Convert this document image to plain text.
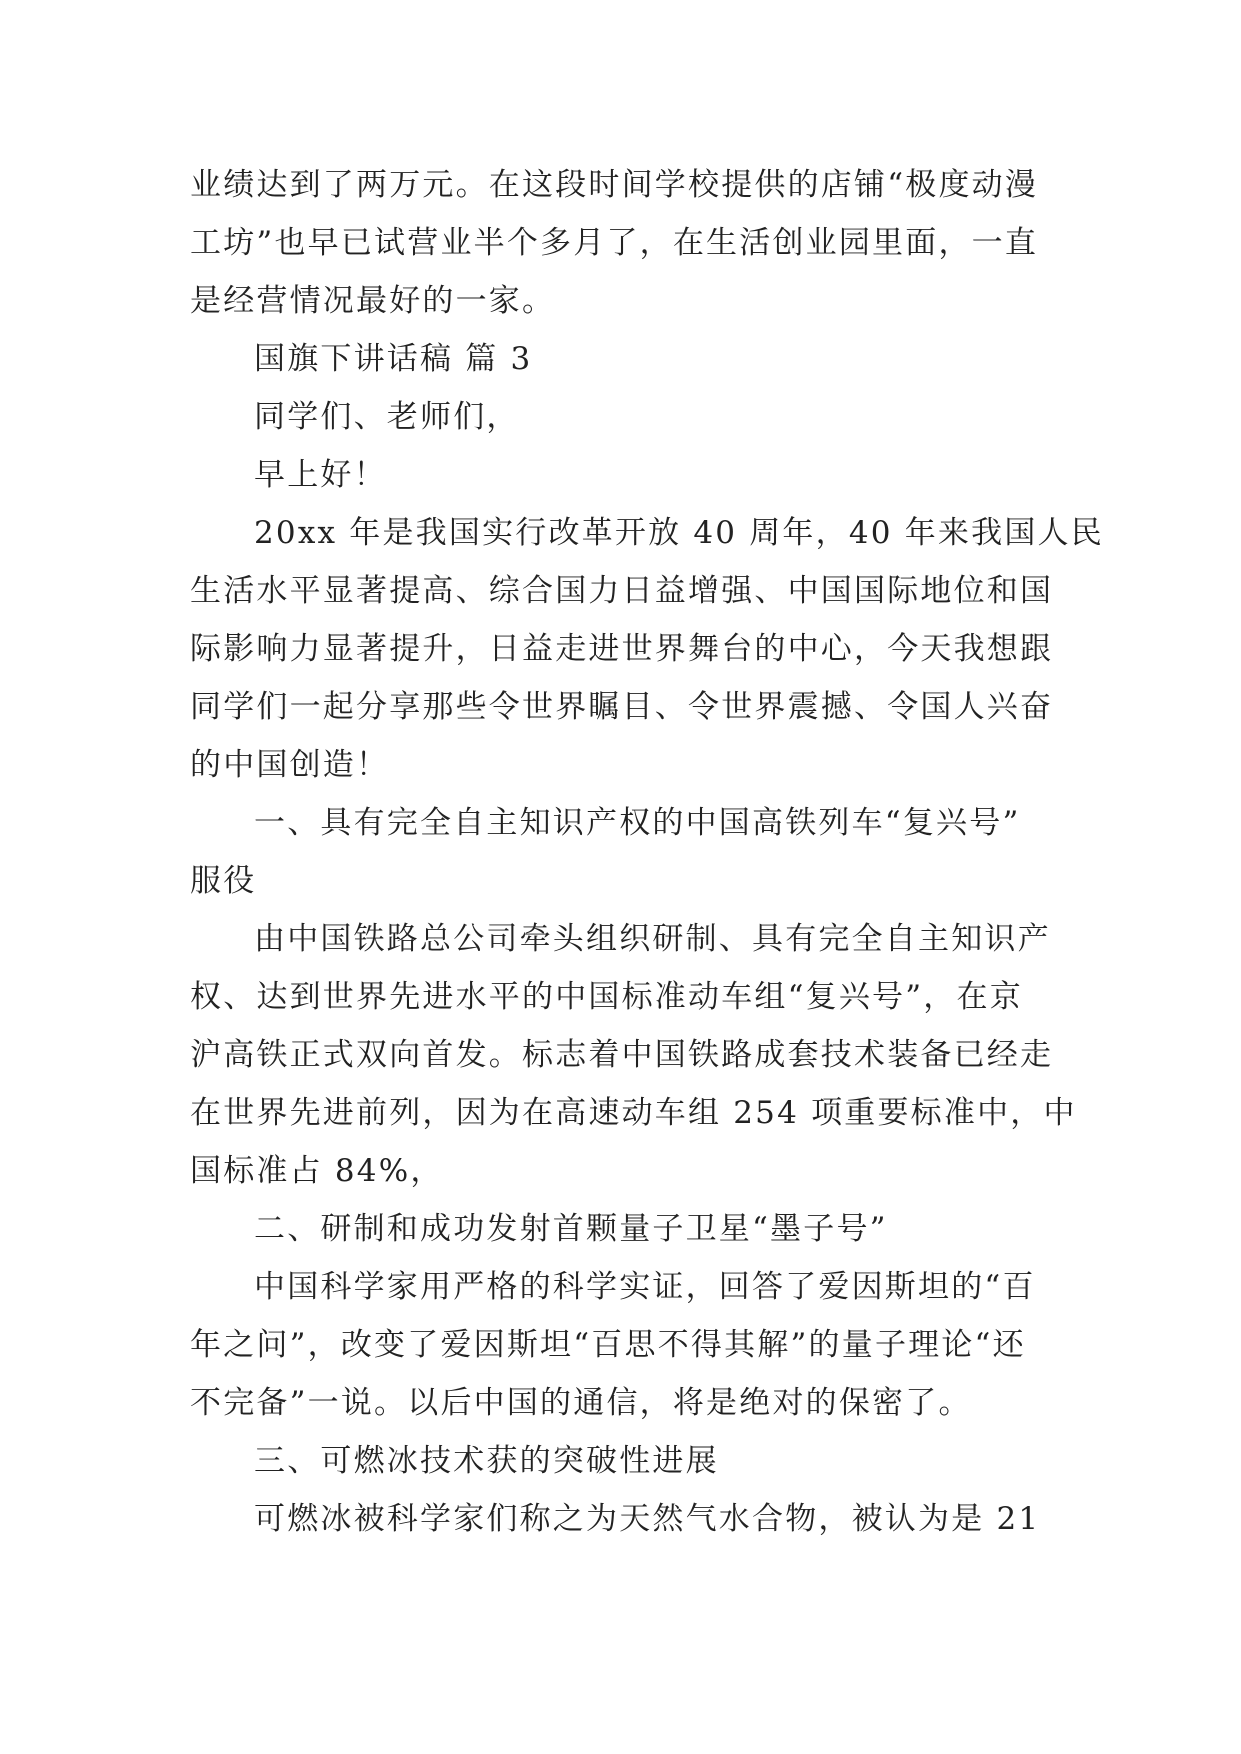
业绩达到了两万元。在这段时间学校提供的店铺“极度动漫
工坊”也早已试营业半个多月了，在生活创业园里面，一直
是经营情况最好的一家。
国旗下讲话稿 篇 3
同学们、老师们，
早上好！
20xx 年是我国实行改革开放 40 周年，40 年来我国人民
生活水平显著提高、综合国力日益增强、中国国际地位和国
际影响力显著提升，日益走进世界舞台的中心，今天我想跟
同学们一起分享那些令世界瞩目、令世界震撼、令国人兴奋
的中国创造！
一、具有完全自主知识产权的中国高铁列车“复兴号”
服役
由中国铁路总公司牵头组织研制、具有完全自主知识产
权、达到世界先进水平的中国标准动车组“复兴号”，在京
沪高铁正式双向首发。标志着中国铁路成套技术装备已经走
在世界先进前列，因为在高速动车组 254 项重要标准中，中
国标准占 84%，
二、研制和成功发射首颗量子卫星“墨子号”
中国科学家用严格的科学实证，回答了爱因斯坦的“百
年之问”，改变了爱因斯坦“百思不得其解”的量子理论“还
不完备”一说。以后中国的通信，将是绝对的保密了。
三、可燃冰技术获的突破性进展
可燃冰被科学家们称之为天然气水合物，被认为是 21
